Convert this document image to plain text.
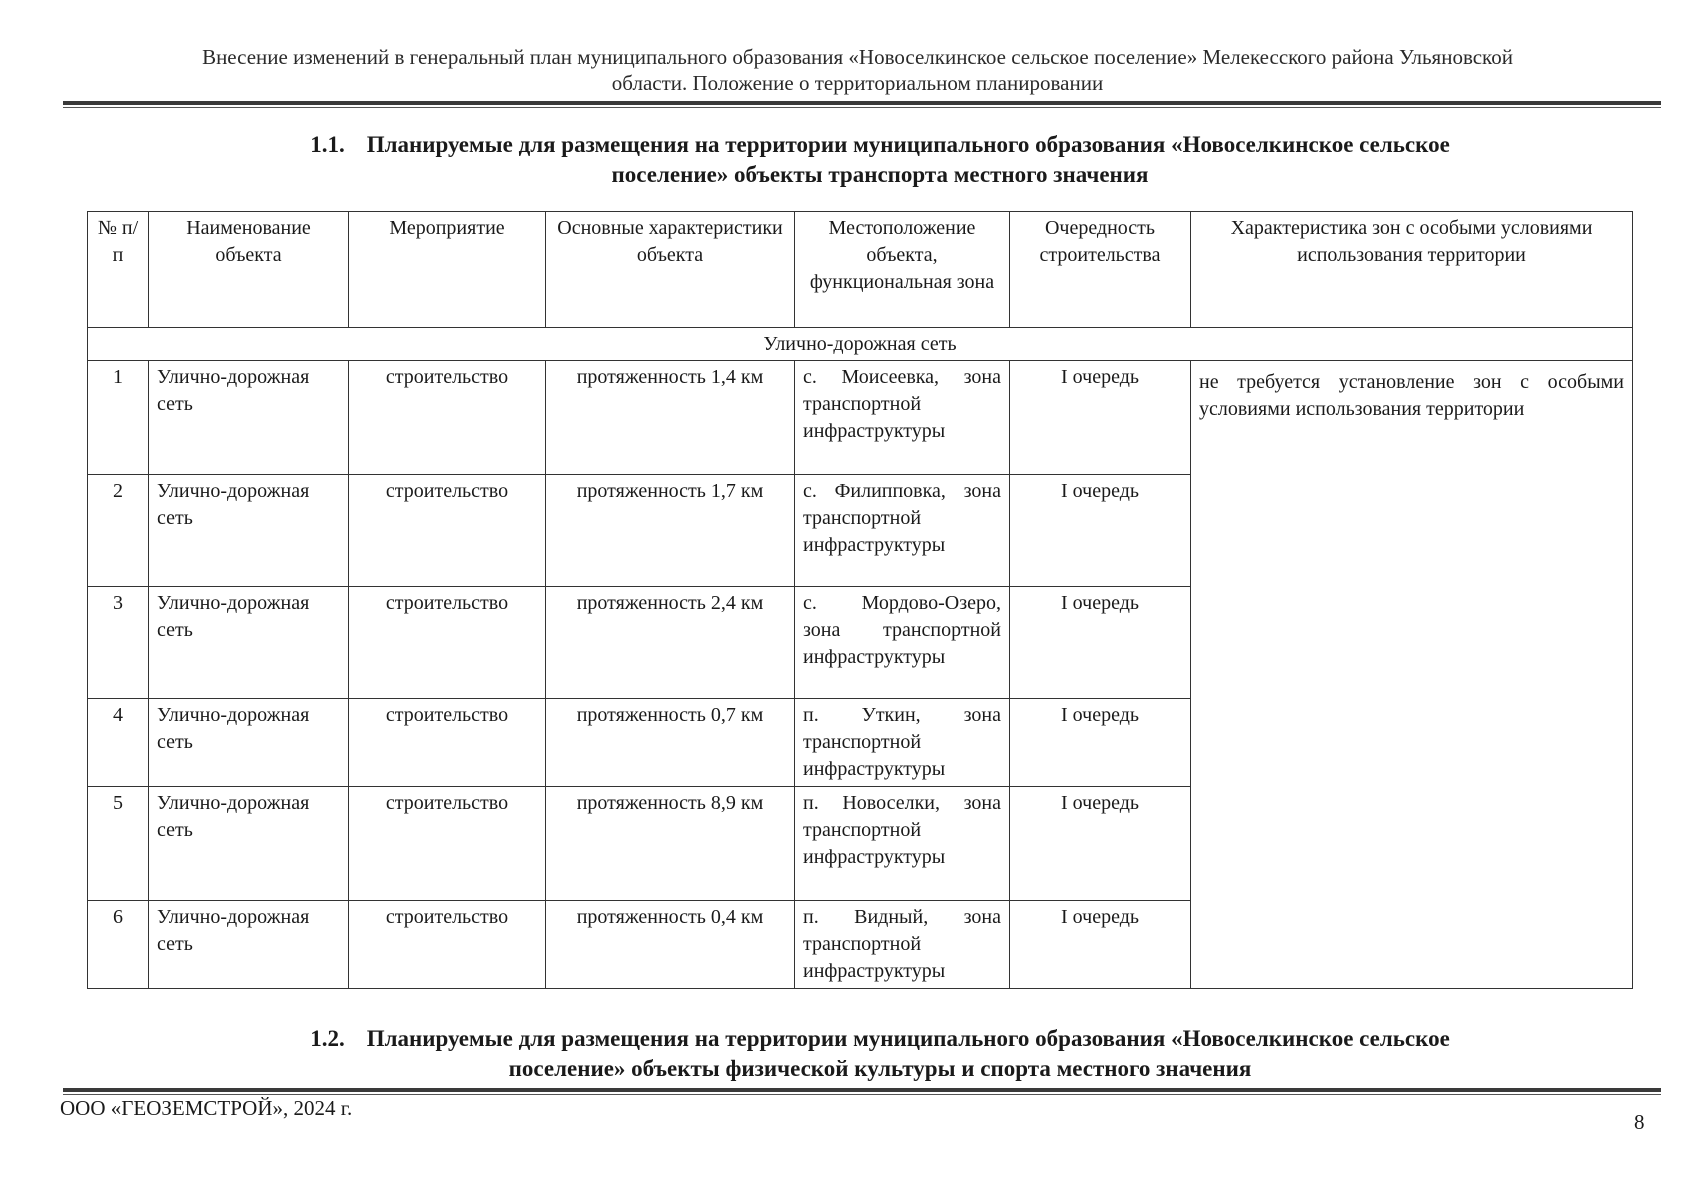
Внесение изменений в генеральный план муниципального образования «Новоселкинское сельское поселение» Мелекесского района Ульяновской
области. Положение о территориальном планировании
1.1. Планируемые для размещения на территории муниципального образования «Новоселкинское сельское
поселение» объекты транспорта местного значения
№ п/п	Наименование объекта	Мероприятие	Основные характеристики объекта	Местоположение объекта, функциональная зона	Очередность строительства	Характеристика зон с особыми условиями использования территории
Улично-дорожная сеть						
1	Улично-дорожная сеть	строительство	протяженность 1,4 км	с. Моисеевка, зона транспортной инфраструктуры	I очередь	не требуется установление зон с особыми условиями использования территории
2	Улично-дорожная сеть	строительство	протяженность 1,7 км	с. Филипповка, зона транспортной инфраструктуры	I очередь	
3	Улично-дорожная сеть	строительство	протяженность 2,4 км	с. Мордово-Озеро, зона транспортной инфраструктуры	I очередь	
4	Улично-дорожная сеть	строительство	протяженность 0,7 км	п. Уткин, зона транспортной инфраструктуры	I очередь	
5	Улично-дорожная сеть	строительство	протяженность 8,9 км	п. Новоселки, зона транспортной инфраструктуры	I очередь	
6	Улично-дорожная сеть	строительство	протяженность 0,4 км	п. Видный, зона транспортной инфраструктуры	I очередь	
1.2. Планируемые для размещения на территории муниципального образования «Новоселкинское сельское
поселение» объекты физической культуры и спорта местного значения
ООО «ГЕОЗЕМСТРОЙ», 2024 г.
8
